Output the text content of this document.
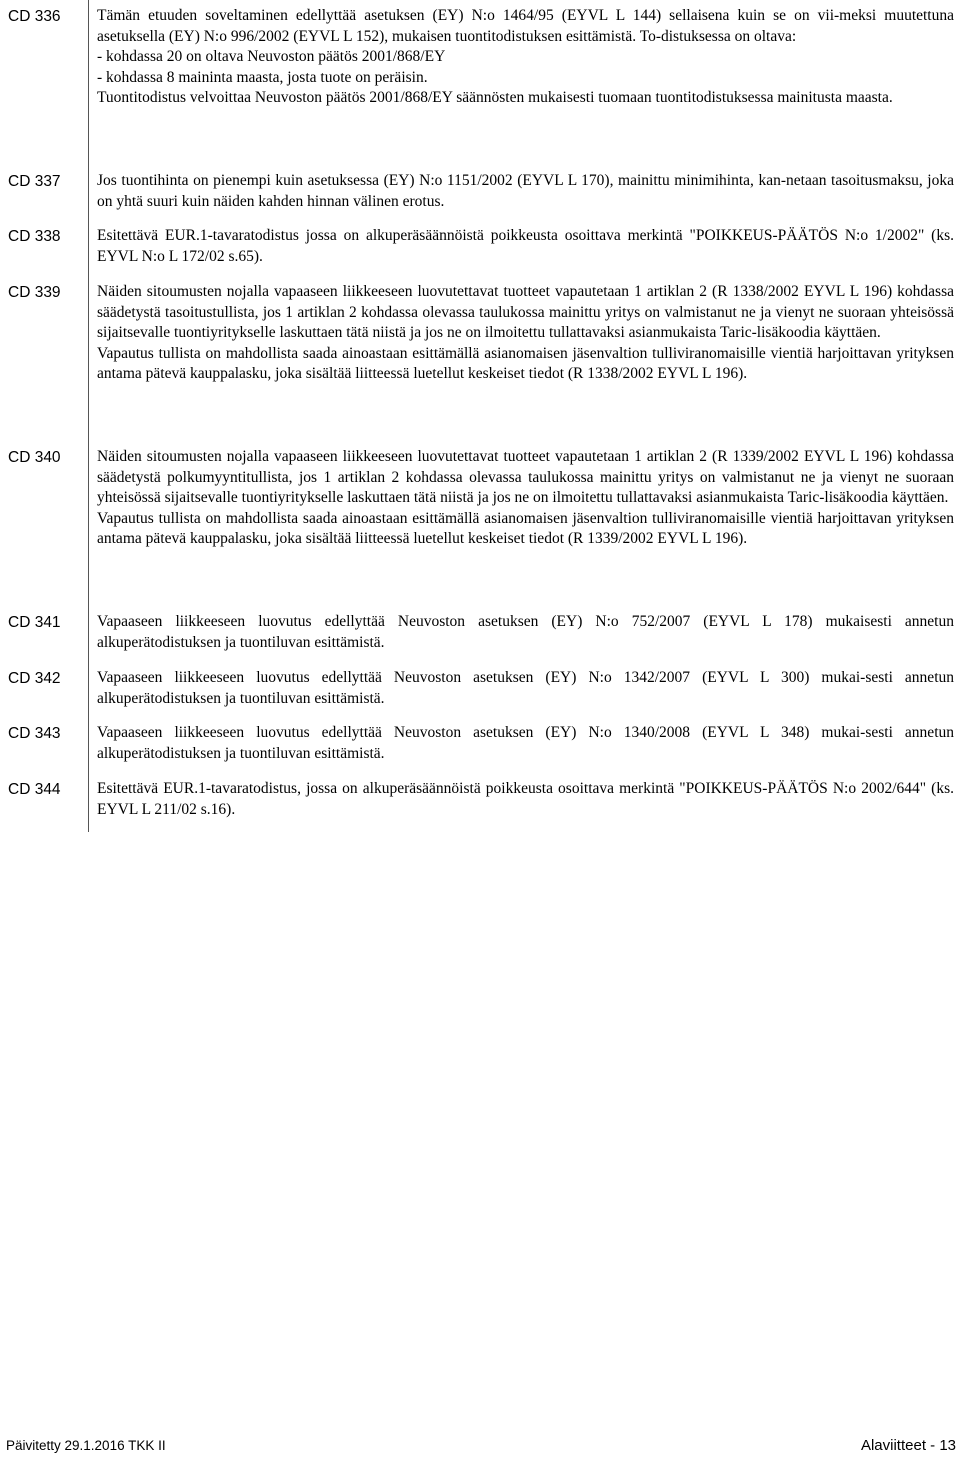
CD 336 Tämän etuuden soveltaminen edellyttää asetuksen (EY) N:o 1464/95 (EYVL L 144) sellaisena kuin se on vii-meksi muutettuna asetuksella (EY) N:o 996/2002 (EYVL L 152), mukaisen tuontitodistuksen esittämistä. To-distuksessa on oltava:

- kohdassa 20 on oltava Neuvoston päätös 2001/868/EY

- kohdassa 8 maininta maasta, josta tuote on peräisin.

Tuontitodistus velvoittaa Neuvoston päätös 2001/868/EY säännösten mukaisesti tuomaan tuontitodistuksessa mainitusta maasta.

CD 337 Jos tuontihinta on pienempi kuin asetuksessa (EY) N:o 1151/2002 (EYVL L 170), mainittu minimihinta, kan-netaan tasoitusmaksu, joka on yhtä suuri kuin näiden kahden hinnan välinen erotus.

CD 338 Esitettävä EUR.1-tavaratodistus jossa on alkuperäsäännöistä poikkeusta osoittava merkintä "POIKKEUS-PÄÄTÖS N:o 1/2002" (ks. EYVL N:o L 172/02 s.65).

CD 339 Näiden sitoumusten nojalla vapaaseen liikkeeseen luovutettavat tuotteet vapautetaan 1 artiklan 2 (R 1338/2002 EYVL L 196) kohdassa säädetystä tasoitustullista, jos 1 artiklan 2 kohdassa olevassa taulukossa mainittu yritys on valmistanut ne ja vienyt ne suoraan yhteisössä sijaitsevalle tuontiyritykselle laskuttaen tätä niistä ja jos ne on ilmoitettu tullattavaksi asianmukaista Taric-lisäkoodia käyttäen.

Vapautus tullista on mahdollista saada ainoastaan esittämällä asianomaisen jäsenvaltion tulliviranomaisille vientiä harjoittavan yrityksen antama pätevä kauppalasku, joka sisältää liitteessä luetellut keskeiset tiedot (R 1338/2002 EYVL L 196).

CD 340 Näiden sitoumusten nojalla vapaaseen liikkeeseen luovutettavat tuotteet vapautetaan 1 artiklan 2 (R 1339/2002 EYVL L 196) kohdassa säädetystä polkumyyntitullista, jos 1 artiklan 2 kohdassa olevassa taulukossa mainittu yritys on valmistanut ne ja vienyt ne suoraan yhteisössä sijaitsevalle tuontiyritykselle laskuttaen tätä niistä ja jos ne on ilmoitettu tullattavaksi asianmukaista Taric-lisäkoodia käyttäen.

Vapautus tullista on mahdollista saada ainoastaan esittämällä asianomaisen jäsenvaltion tulliviranomaisille vientiä harjoittavan yrityksen antama pätevä kauppalasku, joka sisältää liitteessä luetellut keskeiset tiedot (R 1339/2002 EYVL L 196).

CD 341 Vapaaseen liikkeeseen luovutus edellyttää Neuvoston asetuksen (EY) N:o 752/2007 (EYVL L 178) mukaisesti annetun alkuperätodistuksen ja tuontiluvan esittämistä.

CD 342 Vapaaseen liikkeeseen luovutus edellyttää Neuvoston asetuksen (EY) N:o 1342/2007 (EYVL L 300) mukai-sesti annetun alkuperätodistuksen ja tuontiluvan esittämistä.

CD 343 Vapaaseen liikkeeseen luovutus edellyttää Neuvoston asetuksen (EY) N:o 1340/2008 (EYVL L 348) mukai-sesti annetun alkuperätodistuksen ja tuontiluvan esittämistä.

CD 344 Esitettävä EUR.1-tavaratodistus, jossa on alkuperäsäännöistä poikkeusta osoittava merkintä "POIKKEUS-PÄÄTÖS N:o 2002/644" (ks. EYVL L 211/02 s.16).

Päivitetty 29.1.2016 TKK II	Alaviitteet - 13
